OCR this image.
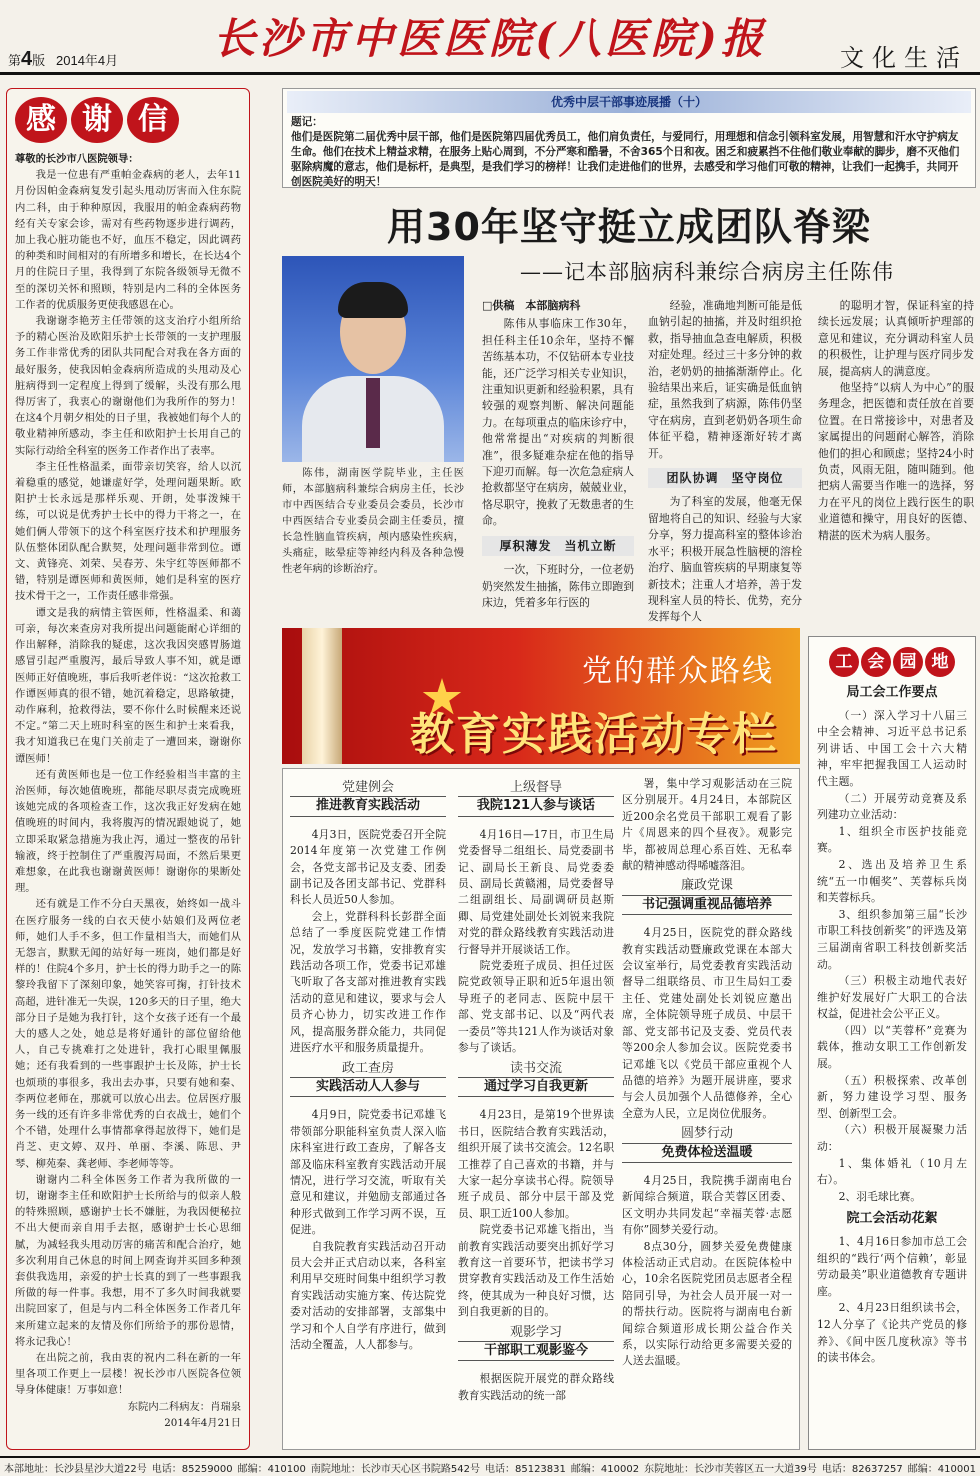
长沙市中医医院(八医院)报
第4版 2014年4月	文化生活
感 谢 信

尊敬的长沙市八医院领导：

我是一位患有严重帕金森病的老人，去年11月份因帕金森病复发引起头甩动厉害而入住东院内二科，由于种种原因，我服用的帕金森病药物经有关专家会诊，需对有些药物逐步进行调药，加上我心脏功能也不好，血压不稳定，因此调药的种类和时间相对的有所增多和增长，在长达4个月的住院日子里，我得到了东院各级领导无微不至的深切关怀和照顾，特别是内二科的全体医务工作者的优质服务更使我感恩在心。

我谢谢李艳芳主任带领的这支治疗小组所给予的精心医治及欧阳乐护士长带领的一支护理服务工作非常优秀的团队共同配合对我在各方面的最好服务，使我因帕金森病所造成的头甩动及心脏病得到一定程度上得到了缓解，头没有那么甩得厉害了，我衷心的谢谢他们为我所作的努力！在这4个月朝夕相处的日子里，我被她们每个人的敬业精神所感动，李主任和欧阳护士长用自己的实际行动给全科室的医务工作者作出了表率。

李主任性格温柔，面带亲切笑容，给人以沉着稳重的感觉，她谦虚好学，处理问题果断。欧阳护士长永远是那样乐观、开朗，处事泼辣干练，可以说是优秀护士长中的得力干将之一，在她们俩人带领下的这个科室医疗技术和护理服务队伍整体团队配合默契，处理问题非常到位。谭文、黄锋亮、刘荣、吴春芳、朱宇红等医师都不错，特别是谭医师和黄医师，她们是科室的医疗技术骨干之一，工作责任感非常强。

谭文是我的病情主管医师，性格温柔、和蔼可亲，每次来查房对我所提出问题能耐心详细的作出解释，消除我的疑虑，这次我因突感胃肠道感冒引起严重腹泻，最后导致人事不知，就是谭医师正好值晚班，事后我听老伴说：“这次抢救工作谭医师真的很不错，她沉着稳定，思路敏捷，动作麻利，抢救得法，要不你什么时候醒来还说不定。”第二天上班时科室的医生和护士来看我，我才知道我已在鬼门关前走了一遭回来，谢谢你谭医师！

还有黄医师也是一位工作经验相当丰富的主治医师，每次她值晚班，都能尽职尽责完成晚班该她完成的各项检查工作，这次我正好发病在她值晚班的时间内，我将腹泻的情况跟她说了，她立即采取紧急措施为我止泻，通过一整夜的吊针输液，终于控制住了严重腹泻局面，不然后果更难想象，在此我也谢谢黄医师！谢谢你的果断处理。

还有就是工作不分白天黑夜，始终如一战斗在医疗服务一线的白衣天使小姑娘们及两位老师，她们人手不多，但工作量相当大，而她们从无怨言，默默无闻的站好每一班岗，她们都是好样的！住院4个多月，护士长的得力助手之一的陈黎玲我留下了深刻印象，她笑容可掬，打针技术高超，进针准无一失误，120多天的日子里，绝大部分日子是她为我打针，这个女孩子还有一个最大的感人之处，她总是将好通针的部位留给他人，自己专挑难打之处进针，我打心眼里佩服她；还有我看到的一些事跟护士长及陈，护士长也烦琐的事很多，我出去办事，只要有她和秦、李两位老师在，那就可以放心出去。位居医疗服务一线的还有许多非常优秀的白衣战士，她们个个不错，处理什么事情都拿得起放得下，她们是肖芝、吏文婷、双丹、单丽、李溪、陈思、尹琴、柳苑秦、龚老师、李老师等等。

谢谢内二科全体医务工作者为我所做的一切，谢谢李主任和欧阳护士长所给与的似亲人般的特殊照顾，感谢护士长不嫌脏，为我因便秘拉不出大便而亲自用手去抠，感谢护士长心思细腻，为减轻我头甩动厉害的痛苦和配合治疗，她多次利用自己休息的时间上网查询并买回多种颈套供我选用，亲爱的护士长真的到了一些事跟我所做的每一件事。我想，用不了多久时间我就要出院回家了，但是与内二科全体医务工作者几年来所建立起来的友情及你们所给予的那份恩情，将永记我心！

在出院之前，我由衷的祝内二科在新的一年里各项工作更上一层楼！祝长沙市八医院各位领导身体健康！万事如意！

东院内二科病友：肖瑞泉

2014年4月21日

优秀中层干部事迹展播（十）
题记：
他们是医院第二届优秀中层干部，他们是医院第四届优秀员工，他们肩负责任，与爱同行，用理想和信念引领科室发展，用智慧和汗水守护病友生命。他们在技术上精益求精，在服务上贴心周到，不分严寒和酷暑，不舍365个日和夜。困乏和疲累挡不住他们敬业奉献的脚步，磨不灭他们驱除病魔的意志，他们是标杆，是典型，是我们学习的榜样！让我们走进他们的世界，去感受和学习他们可敬的精神，让我们一起携手，共同开创医院美好的明天！
用30年坚守挺立成团队脊梁
——记本部脑病科兼综合病房主任陈伟
陈伟，湖南医学院毕业，主任医师，本部脑病科兼综合病房主任，长沙市中西医结合专业委员会委员，长沙市中西医结合专业委员会副主任委员，擅长急性脑血管疾病，颅内感染性疾病，头痛症，眩晕症等神经内科及各种急慢性老年病的诊断治疗。
□供稿　本部脑病科

陈伟从事临床工作30年，担任科主任10余年，坚持不懈苦练基本功，不仅钻研本专业技能，还广泛学习相关专业知识，注重知识更新和经验积累，具有较强的观察判断、解决问题能力。在每项重点的临床诊疗中，他常常提出“对疾病的判断很准”，很多疑难杂症在他的指导下迎刃而解。每一次危急症病人抢救都坚守在病房，兢兢业业，恪尽职守，挽救了无数患者的生命。

厚积薄发　当机立断

一次，下班时分，一位老奶奶突然发生抽搐，陈伟立即跑到床边，凭着多年行医的

经验，准确地判断可能是低血钠引起的抽搐，并及时组织抢救，指导抽血急查电解质，积极对症处理。经过三十多分钟的救治，老奶奶的抽搐渐渐停止。化验结果出来后，证实确是低血钠症，虽然我到了病源，陈伟仍坚守在病房，直到老奶奶各项生命体征平稳，精神逐渐好转才离开。

团队协调　坚守岗位

为了科室的发展，他毫无保留地将自己的知识、经验与大家分享，努力提高科室的整体诊治水平；积极开展急性脑梗的溶栓治疗、脑血管疾病的早期康复等新技术；注重人才培养，善于发现科室人员的特长、优势，充分发挥每个人

的聪明才智，保证科室的持续长远发展；认真倾听护理部的意见和建议，充分调动科室人员的积极性，让护理与医疗同步发展，提高病人的满意度。

他坚持“以病人为中心”的服务理念，把医德和责任放在首要位置。在日常接诊中，对患者及家属提出的问题耐心解答，消除他们的担心和顾虑；坚持24小时负责，风雨无阻，随叫随到。他把病人需要当作唯一的选择，努力在平凡的岗位上践行医生的职业道德和操守，用良好的医德、精湛的医术为病人服务。

党的群众路线
教育实践活动专栏
党建例会
推进教育实践活动

4月3日，医院党委召开全院2014年度第一次党建工作例会，各党支部书记及支委、团委副书记及各团支部书记、党群科科长人员近50人参加。

会上，党群科科长彭群全面总结了一季度医院党建工作情况，发放学习书籍，安排教育实践活动各项工作，党委书记邓雄飞听取了各支部对推进教育实践活动的意见和建议，要求与会人员齐心协力，切实改进工作作风，提高服务群众能力，共同促进医疗水平和服务质量提升。

政工查房
实践活动人人参与

4月9日，院党委书记邓雄飞带领部分职能科室负责人深入临床科室进行政工查房，了解各支部及临床科室教育实践活动开展情况，进行学习交流，听取有关意见和建议，并勉励支部通过各种形式做到工作学习两不误，互促进。

自我院教育实践活动召开动员大会并正式启动以来，各科室利用早交班时间集中组织学习教育实践活动实施方案、传达院党委对活动的安排部署，支部集中学习和个人自学有序进行，做到活动全覆盖，人人都参与。

上级督导
我院121人参与谈话

4月16日—17日，市卫生局党委督导二组组长、局党委副书记、副局长王新良、局党委委员、副局长黄赣湘，局党委督导二组副组长、局副调研员赵斯卿、局党建处副处长刘锐来我院对党的群众路线教育实践活动进行督导并开展谈话工作。

院党委班子成员、担任过医院党政领导正职和近5年退出领导班子的老同志、医院中层干部、党支部书记、以及“两代表一委员”等共121人作为谈话对象参与了谈话。

读书交流
通过学习自我更新

4月23日，是第19个世界读书日，医院结合教育实践活动，组织开展了读书交流会。12名职工推荐了自己喜欢的书籍，并与大家一起分享读书心得。院领导班子成员、部分中层干部及党员、职工近100人参加。

院党委书记邓雄飞指出，当前教育实践活动要突出抓好学习教育这一首要环节，把读书学习贯穿教育实践活动及工作生活始终，使其成为一种良好习惯，达到自我更新的目的。

观影学习
干部职工观影鉴今

根据医院开展党的群众路线教育实践活动的统一部

署，集中学习观影活动在三院区分别展开。4月24日，本部院区近200余名党员干部职工观看了影片《周恩来的四个昼夜》。观影完毕，都被周总理心系百姓、无私奉献的精神感动得唏嘘落泪。

廉政党课
书记强调重视品德培养

4月25日，医院党的群众路线教育实践活动暨廉政党课在本部大会议室举行，局党委教育实践活动督导二组联络员、市卫生局妇工委主任、党建处副处长刘锐应邀出席，全体院领导班子成员、中层干部、党支部书记及支委、党员代表等200余人参加会议。医院党委书记邓雄飞以《党员干部应重视个人品德的培养》为题开展讲座，要求与会人员加强个人品德修养，全心全意为人民，立足岗位优服务。

圆梦行动
免费体检送温暖

4月25日，我院携手湖南电台新闻综合频道，联合芙蓉区团委、区文明办共同发起“幸福芙蓉·志愿有你”圆梦关爱行动。

8点30分，圆梦关爱免费健康体检活动正式启动。在医院体检中心，10余名医院党团员志愿者全程陪同引导，为社会人员开展一对一的帮扶行动。医院将与湖南电台新闻综合频道形成长期公益合作关系，以实际行动给更多需要关爱的人送去温暖。

工 会 园 地
局工会工作要点

（一）深入学习十八届三中全会精神、习近平总书记系列讲话、中国工会十六大精神，牢牢把握我国工人运动时代主题。

（二）开展劳动竞赛及系列建功立业活动：

1、组织全市医护技能竞赛。

2、选出及培养卫生系统“五一巾帼奖”、芙蓉标兵岗和芙蓉标兵。

3、组织参加第三届“长沙市职工科技创新奖”的评选及第三届湖南省职工科技创新奖活动。

（三）积极主动地代表好维护好发展好广大职工的合法权益，促进社会公平正义。

（四）以“芙蓉杯”竞赛为载体，推动女职工工作创新发展。

（五）积极探索、改革创新，努力建设学习型、服务型、创新型工会。

（六）积极开展凝聚力活动：

1、集体婚礼（10月左右）。

2、羽毛球比赛。

院工会活动花絮

1、4月16日参加市总工会组织的“践行‘两个信赖’，彰显劳动最美”职业道德教育专题讲座。

2、4月23日组织读书会，12人分享了《论共产党员的修养》、《间中医几度秋凉》等书的读书体会。

本部地址：长沙县星沙大道22号 电话：85259000 邮编：410100 南院地址：长沙市天心区书院路542号 电话：85123831 邮编：410002 东院地址：长沙市芙蓉区五一大道39号 电话：82637257 邮编：410001
